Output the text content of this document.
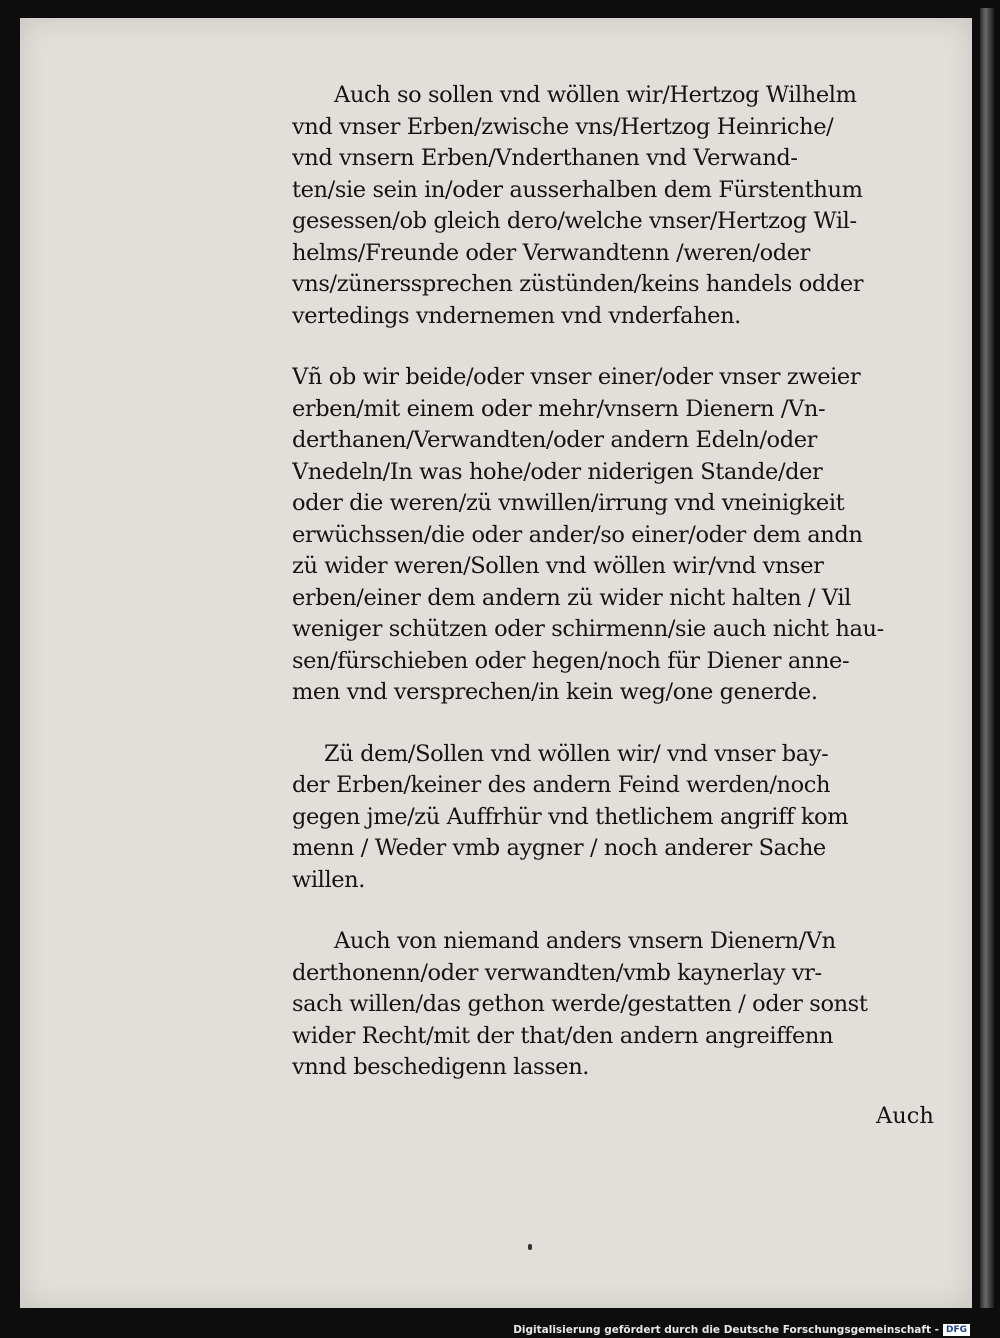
Auch so sollen vnd wöllen wir/Hertzog Wilhelm
vnd vnser Erben/zwische vns/Hertzog Heinriche/
vnd vnsern Erben/Vnderthanen vnd Verwand-
ten/sie sein in/oder ausserhalben dem Fürstenthum
gesessen/ob gleich dero/welche vnser/Hertzog Wil-
helms/Freunde oder Verwandtenn /weren/oder
vns/zünerssprechen züstünden/keins handels odder
vertedings vndernemen vnd vnderfahen.

Vñ ob wir beide/oder vnser einer/oder vnser zweier
erben/mit einem oder mehr/vnsern Dienern /Vn-
derthanen/Verwandten/oder andern Edeln/oder
Vnedeln/In was hohe/oder niderigen Stande/der
oder die weren/zü vnwillen/irrung vnd vneinigkeit
erwüchssen/die oder ander/so einer/oder dem andn
zü wider weren/Sollen vnd wöllen wir/vnd vnser
erben/einer dem andern zü wider nicht halten / Vil
weniger schützen oder schirmenn/sie auch nicht hau-
sen/fürschieben oder hegen/noch für Diener anne-
men vnd versprechen/in kein weg/one generde.

Zü dem/Sollen vnd wöllen wir/ vnd vnser bay-
der Erben/keiner des andern Feind werden/noch
gegen jme/zü Auffrhür vnd thetlichem angriff kom
menn / Weder vmb aygner / noch anderer Sache
willen.

Auch von niemand anders vnsern Dienern/Vn
derthonenn/oder verwandten/vmb kaynerlay vr-
sach willen/das gethon werde/gestatten / oder sonst
wider Recht/mit der that/den andern angreiffenn
vnnd beschedigenn lassen.

Auch
Digitalisierung gefördert durch die Deutsche Forschungsgemeinschaft - DFG
